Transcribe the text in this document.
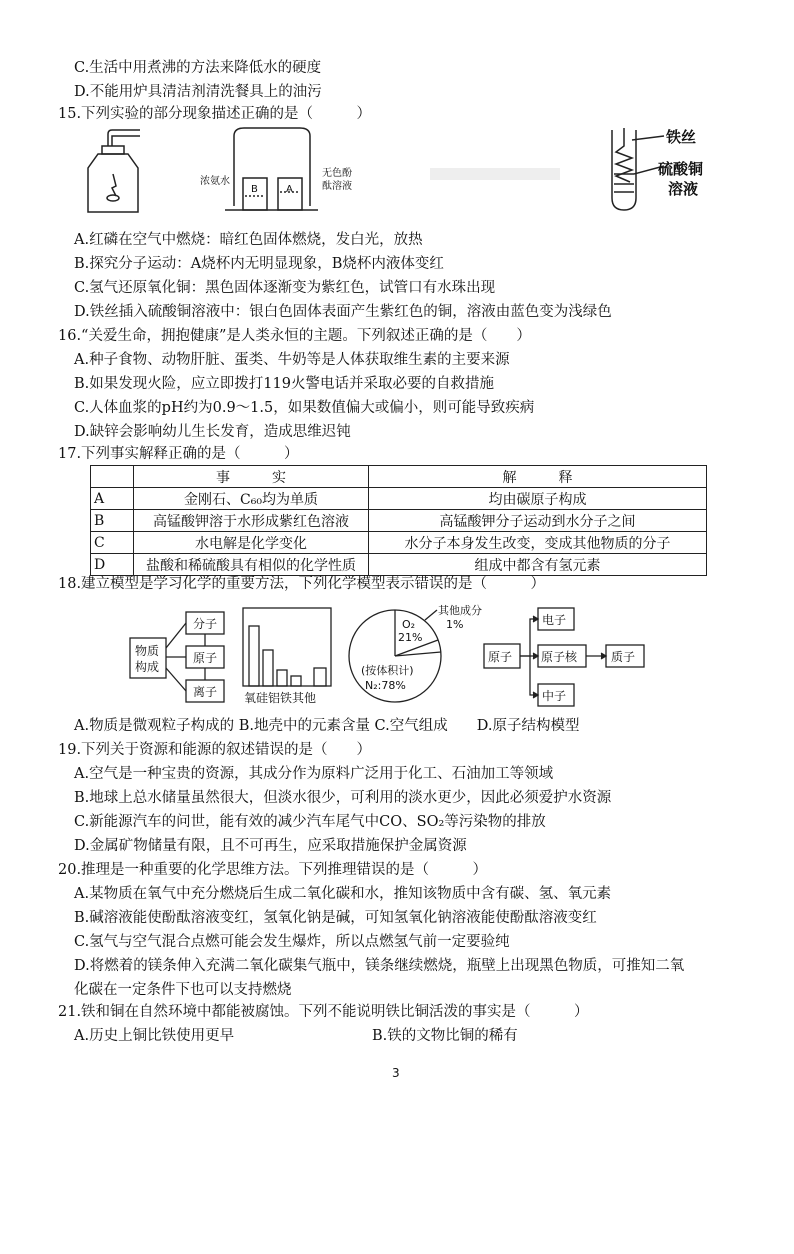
C.生活中用煮沸的方法来降低水的硬度
D.不能用炉具清洁剂清洗餐具上的油污
15.下列实验的部分现象描述正确的是（　　　）
浓氨水
B	A
无色酚
酞溶液
铁丝
硫酸铜
溶液
A.红磷在空气中燃烧：暗红色固体燃烧，发白光，放热
B.探究分子运动：A烧杯内无明显现象，B烧杯内液体变红
C.氢气还原氧化铜：黑色固体逐渐变为紫红色，试管口有水珠出现
D.铁丝插入硫酸铜溶液中：银白色固体表面产生紫红色的铜，溶液由蓝色变为浅绿色
16.“关爱生命，拥抱健康”是人类永恒的主题。下列叙述正确的是（　　）
A.种子食物、动物肝脏、蛋类、牛奶等是人体获取维生素的主要来源
B.如果发现火险，应立即拨打119火警电话并采取必要的自救措施
C.人体血浆的pH约为0.9～1.5，如果数值偏大或偏小，则可能导致疾病
D.缺锌会影响幼儿生长发育，造成思维迟钝
17.下列事实解释正确的是（　　　）
	事　　　实	解　　　释
A	金刚石、C₆₀均为单质	均由碳原子构成
B	高锰酸钾溶于水形成紫红色溶液	高锰酸钾分子运动到水分子之间
C	水电解是化学变化	水分子本身发生改变，变成其他物质的分子
D	盐酸和稀硫酸具有相似的化学性质	组成中都含有氢元素
18.建立模型是学习化学的重要方法，下列化学模型表示错误的是（　　　）
物质
构成
分子
原子
离子 氧硅铝铁其他
O₂
21%
其他成分
1%
(按体积计)
N₂:78%
原子
电子
原子核	质子
中子
A.物质是微观粒子构成的 B.地壳中的元素含量 C.空气组成　　D.原子结构模型
19.下列关于资源和能源的叙述错误的是（　　）
A.空气是一种宝贵的资源，其成分作为原料广泛用于化工、石油加工等领域
B.地球上总水储量虽然很大，但淡水很少，可利用的淡水更少，因此必须爱护水资源
C.新能源汽车的问世，能有效的减少汽车尾气中CO、SO₂等污染物的排放
D.金属矿物储量有限，且不可再生，应采取措施保护金属资源
20.推理是一种重要的化学思维方法。下列推理错误的是（　　　）
A.某物质在氧气中充分燃烧后生成二氧化碳和水，推知该物质中含有碳、氢、氧元素
B.碱溶液能使酚酞溶液变红，氢氧化钠是碱，可知氢氧化钠溶液能使酚酞溶液变红
C.氢气与空气混合点燃可能会发生爆炸，所以点燃氢气前一定要验纯
D.将燃着的镁条伸入充满二氧化碳集气瓶中，镁条继续燃烧，瓶壁上出现黑色物质，可推知二氧
化碳在一定条件下也可以支持燃烧
21.铁和铜在自然环境中都能被腐蚀。下列不能说明铁比铜活泼的事实是（　　　）
A.历史上铜比铁使用更早	B.铁的文物比铜的稀有
3
